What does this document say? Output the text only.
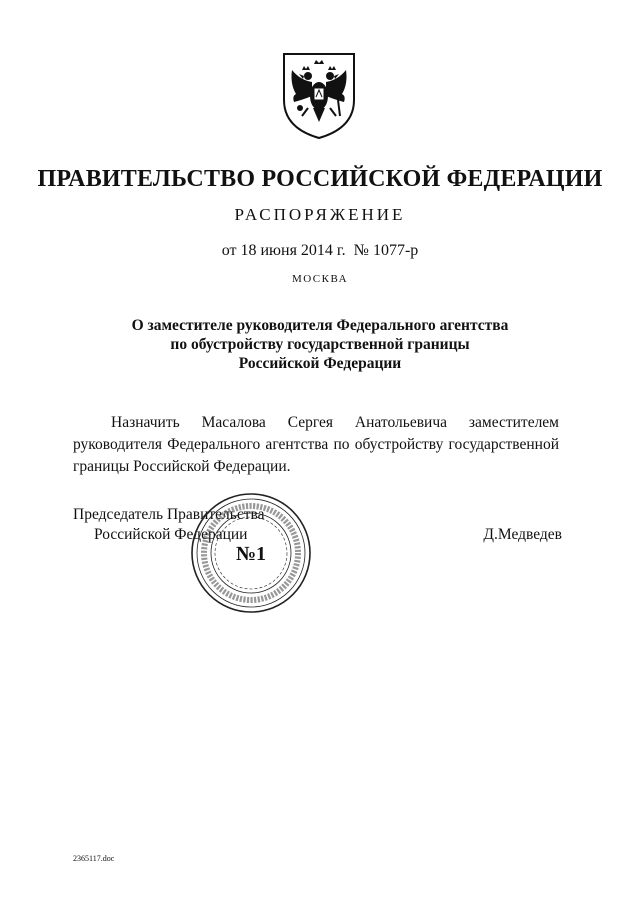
ПРАВИТЕЛЬСТВО РОССИЙСКОЙ ФЕДЕРАЦИИ
РАСПОРЯЖЕНИЕ
от 18 июня 2014 г.  № 1077-р
МОСКВА
О заместителе руководителя Федерального агентства
по обустройству государственной границы
Российской Федерации
Назначить Масалова Сергея Анатольевича заместителем руководителя Федерального агентства по обустройству государственной границы Российской Федерации.
Председатель Правительства
Российской Федерации	Д.Медведев
№1
2365117.doc
